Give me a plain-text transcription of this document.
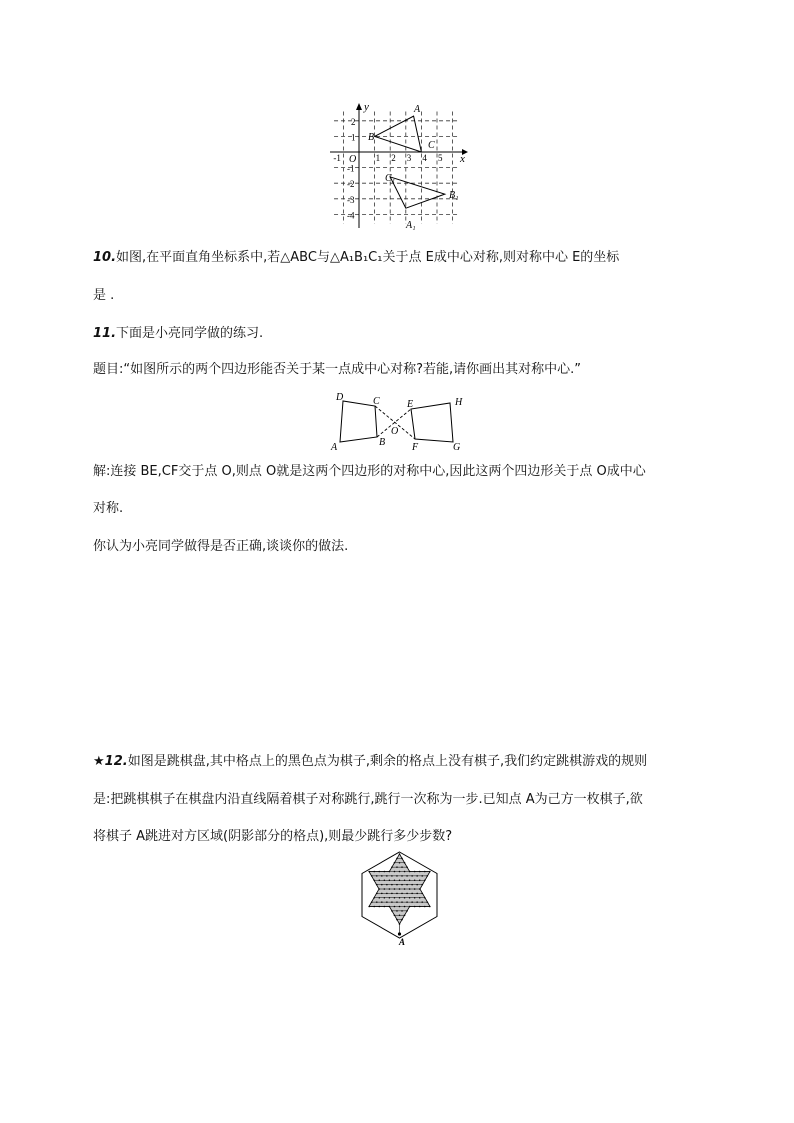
x
y
O
-1	1 2 3 4 5
2
1
-1
-2
-3
-4
A
B
C
C₁
B₁
A₁
10.如图,在平面直角坐标系中,若△ABC与△A₁B₁C₁关于点 E成中心对称,则对称中心 E的坐标
是 .
11.下面是小亮同学做的练习.
题目:“如图所示的两个四边形能否关于某一点成中心对称?若能,请你画出其对称中心.”
D	C
A	B
O
E	H
F	G
解:连接 BE,CF交于点 O,则点 O就是这两个四边形的对称中心,因此这两个四边形关于点 O成中心
对称.
你认为小亮同学做得是否正确,谈谈你的做法.
★12.如图是跳棋盘,其中格点上的黑色点为棋子,剩余的格点上没有棋子,我们约定跳棋游戏的规则
是:把跳棋棋子在棋盘内沿直线隔着棋子对称跳行,跳行一次称为一步.已知点 A为己方一枚棋子,欲
将棋子 A跳进对方区域(阴影部分的格点),则最少跳行多少步数?
A
